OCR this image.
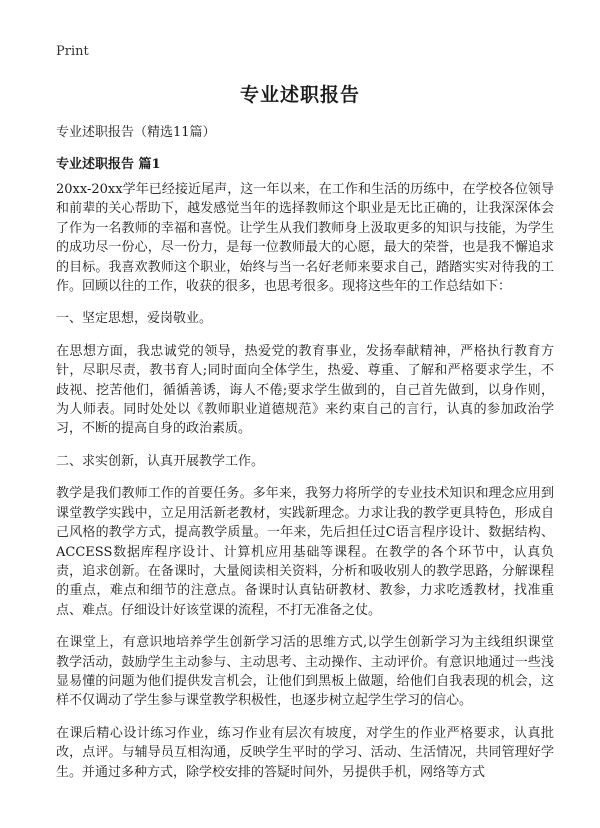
Print
专业述职报告
专业述职报告（精选11篇）
专业述职报告 篇1

20xx-20xx学年已经接近尾声，这一年以来，在工作和生活的历练中，在学校各位领导和前辈的关心帮助下，越发感觉当年的选择教师这个职业是无比正确的，让我深深体会了作为一名教师的幸福和喜悦。让学生从我们教师身上汲取更多的知识与技能，为学生的成功尽一份心，尽一份力，是每一位教师最大的心愿，最大的荣誉，也是我不懈追求的目标。我喜欢教师这个职业，始终与当一名好老师来要求自己，踏踏实实对待我的工作。回顾以往的工作，收获的很多，也思考很多。现将这些年的工作总结如下：

一、坚定思想，爱岗敬业。

在思想方面，我忠诚党的领导，热爱党的教育事业，发扬奉献精神，严格执行教育方针，尽职尽责，教书育人;同时面向全体学生，热爱、尊重、了解和严格要求学生，不歧视、挖苦他们，循循善诱，诲人不倦;要求学生做到的，自己首先做到，以身作则，为人师表。同时处处以《教师职业道德规范》来约束自己的言行，认真的参加政治学习，不断的提高自身的政治素质。

二、求实创新，认真开展教学工作。

教学是我们教师工作的首要任务。多年来，我努力将所学的专业技术知识和理念应用到课堂教学实践中，立足用活新老教材，实践新理念。力求让我的教学更具特色，形成自己风格的教学方式，提高教学质量。一年来，先后担任过C语言程序设计、数据结构、ACCESS数据库程序设计、计算机应用基础等课程。在教学的各个环节中，认真负责，追求创新。在备课时，大量阅读相关资料，分析和吸收别人的教学思路，分解课程的重点，难点和细节的注意点。备课时认真钻研教材、教参，力求吃透教材，找准重点、难点。仔细设计好该堂课的流程，不打无准备之仗。

在课堂上，有意识地培养学生创新学习活的思维方式,以学生创新学习为主线组织课堂教学活动，鼓励学生主动参与、主动思考、主动操作、主动评价。有意识地通过一些浅显易懂的问题为他们提供发言机会，让他们到黑板上做题，给他们自我表现的机会，这样不仅调动了学生参与课堂教学积极性，也逐步树立起学生学习的信心。

在课后精心设计练习作业，练习作业有层次有坡度，对学生的作业严格要求，认真批改，点评。与辅导员互相沟通，反映学生平时的学习、活动、生活情况，共同管理好学生。并通过多种方式，除学校安排的答疑时间外，另提供手机，网络等方式
